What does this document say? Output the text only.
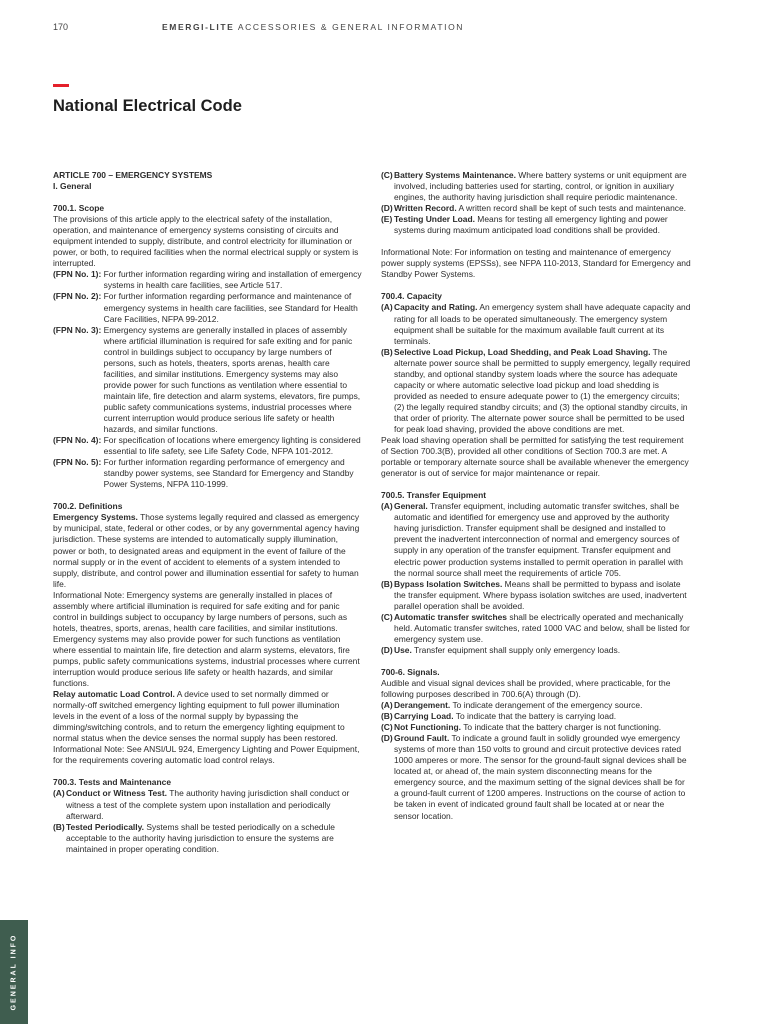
170	EMERGI-LITE ACCESSORIES & GENERAL INFORMATION
National Electrical Code

ARTICLE 700 – EMERGENCY SYSTEMS

I. General

700.1. Scope

The provisions of this article apply to the electrical safety of the installation, operation, and maintenance of emergency systems consisting of circuits and equipment intended to supply, distribute, and control electricity for illumination or power, or both, to required facilities when the normal electrical supply or system is interrupted.

(FPN No. 1): For further information regarding wiring and installation of emergency systems in health care facilities, see Article 517.
(FPN No. 2): For further information regarding performance and maintenance of emergency systems in health care facilities, see Standard for Health Care Facilities, NFPA 99-2012.
(FPN No. 3): Emergency systems are generally installed in places of assembly where artificial illumination is required for safe exiting and for panic control in buildings subject to occupancy by large numbers of persons, such as hotels, theaters, sports arenas, health care facilities, and similar institutions. Emergency systems may also provide power for such functions as ventilation where essential to maintain life, fire detection and alarm systems, elevators, fire pumps, public safety communications systems, industrial processes where current interruption would produce serious life safety or health hazards, and similar functions.
(FPN No. 4): For specification of locations where emergency lighting is considered essential to life safety, see Life Safety Code, NFPA 101-2012.
(FPN No. 5): For further information regarding performance of emergency and standby power systems, see Standard for Emergency and Standby Power Systems, NFPA 110-1999.

700.2. Definitions

Emergency Systems. Those systems legally required and classed as emergency by municipal, state, federal or other codes, or by any governmental agency having jurisdiction. These systems are intended to automatically supply illumination, power or both, to designated areas and equipment in the event of failure of the normal supply or in the event of accident to elements of a system intended to supply, distribute, and control power and illumination essential for safety to human life.

Informational Note: Emergency systems are generally installed in places of assembly where artificial illumination is required for safe exiting and for panic control in buildings subject to occupancy by large numbers of persons, such as hotels, theatres, sports, arenas, health care facilities, and similar institutions. Emergency systems may also provide power for such functions as ventilation where essential to maintain life, fire detection and alarm systems, elevators, fire pumps, public safety communications systems, industrial processes where current interruption would produce serious life safety or health hazards, and similar functions.

Relay automatic Load Control. A device used to set normally dimmed or normally-off switched emergency lighting equipment to full power illumination levels in the event of a loss of the normal supply by bypassing the dimming/switching controls, and to return the emergency lighting equipment to normal status when the device senses the normal supply has been restored.

Informational Note: See ANSI/UL 924, Emergency Lighting and Power Equipment, for the requirements covering automatic load control relays.

700.3. Tests and Maintenance

(A) Conduct or Witness Test. The authority having jurisdiction shall conduct or witness a test of the complete system upon installation and periodically afterward.
(B) Tested Periodically. Systems shall be tested periodically on a schedule acceptable to the authority having jurisdiction to ensure the systems are maintained in proper operating condition.
(C) Battery Systems Maintenance. Where battery systems or unit equipment are involved, including batteries used for starting, control, or ignition in auxiliary engines, the authority having jurisdiction shall require periodic maintenance.
(D) Written Record. A written record shall be kept of such tests and maintenance.
(E) Testing Under Load. Means for testing all emergency lighting and power systems during maximum anticipated load conditions shall be provided.

Informational Note: For information on testing and maintenance of emergency power supply systems (EPSSs), see NFPA 110-2013, Standard for Emergency and Standby Power Systems.

700.4. Capacity

(A) Capacity and Rating. An emergency system shall have adequate capacity and rating for all loads to be operated simultaneously. The emergency system equipment shall be suitable for the maximum available fault current at its terminals.
(B) Selective Load Pickup, Load Shedding, and Peak Load Shaving. The alternate power source shall be permitted to supply emergency, legally required standby, and optional standby system loads where the source has adequate capacity or where automatic selective load pickup and load shedding is provided as needed to ensure adequate power to (1) the emergency circuits; (2) the legally required standby circuits; and (3) the optional standby circuits, in that order of priority. The alternate power source shall be permitted to be used for peak load shaving, provided the above conditions are met.

Peak load shaving operation shall be permitted for satisfying the test requirement of Section 700.3(B), provided all other conditions of Section 700.3 are met. A portable or temporary alternate source shall be available whenever the emergency generator is out of service for major maintenance or repair.

700.5. Transfer Equipment

(A) General. Transfer equipment, including automatic transfer switches, shall be automatic and identified for emergency use and approved by the authority having jurisdiction. Transfer equipment shall be designed and installed to prevent the inadvertent interconnection of normal and emergency sources of supply in any operation of the transfer equipment. Transfer equipment and electric power production systems installed to permit operation in parallel with the normal source shall meet the requirements of article 705.
(B) Bypass Isolation Switches. Means shall be permitted to bypass and isolate the transfer equipment. Where bypass isolation switches are used, inadvertent parallel operation shall be avoided.
(C) Automatic transfer switches shall be electrically operated and mechanically held. Automatic transfer switches, rated 1000 VAC and below, shall be listed for emergency system use.
(D) Use. Transfer equipment shall supply only emergency loads.

700-6. Signals.

Audible and visual signal devices shall be provided, where practicable, for the following purposes described in 700.6(A) through (D).

(A) Derangement. To indicate derangement of the emergency source.
(B) Carrying Load. To indicate that the battery is carrying load.
(C) Not Functioning. To indicate that the battery charger is not functioning.
(D) Ground Fault. To indicate a ground fault in solidly grounded wye emergency systems of more than 150 volts to ground and circuit protective devices rated 1000 amperes or more. The sensor for the ground-fault signal devices shall be located at, or ahead of, the main system disconnecting means for the emergency source, and the maximum setting of the signal devices shall be for a ground-fault current of 1200 amperes. Instructions on the course of action to be taken in event of indicated ground fault shall be located at or near the sensor location.
GENERAL INFO
